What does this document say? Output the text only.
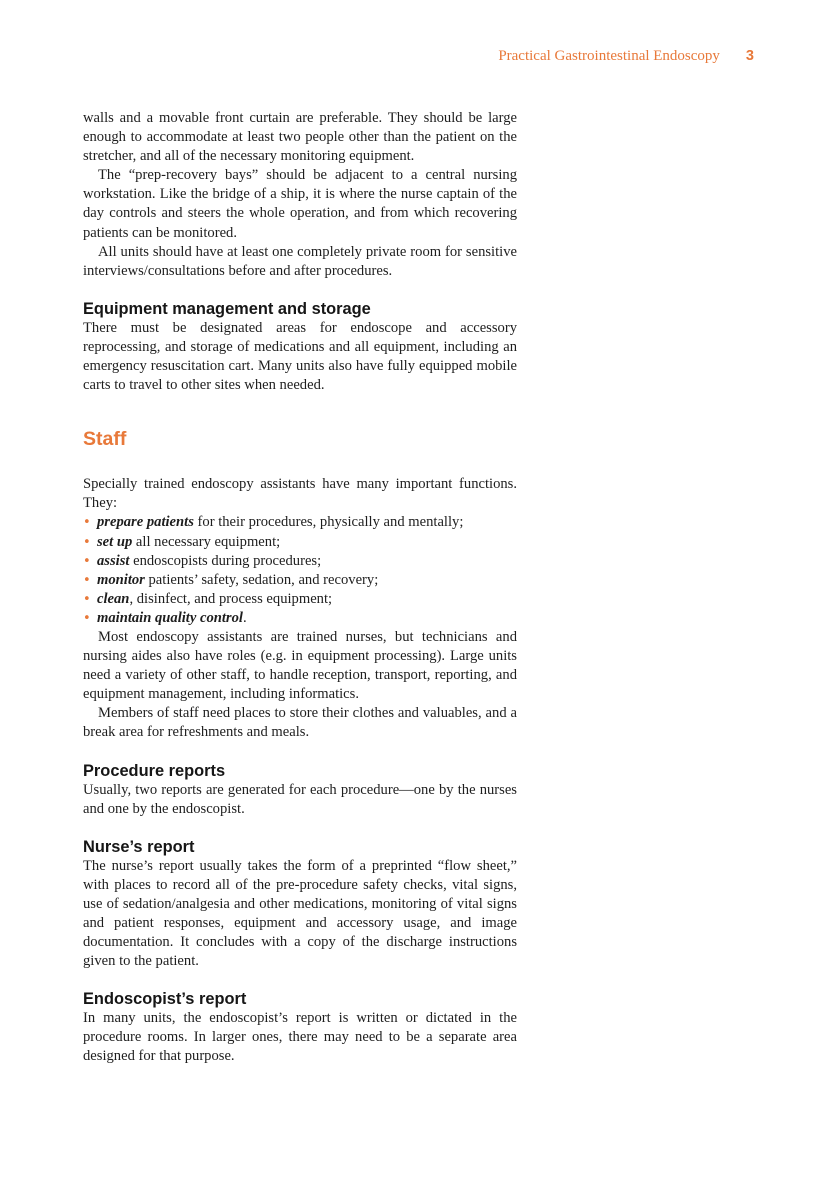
Practical Gastrointestinal Endoscopy 3

walls and a movable front curtain are preferable. They should be large enough to accommodate at least two people other than the patient on the stretcher, and all of the necessary monitoring equipment.

The “prep-recovery bays” should be adjacent to a central nursing workstation. Like the bridge of a ship, it is where the nurse captain of the day controls and steers the whole operation, and from which recovering patients can be monitored.

All units should have at least one completely private room for sensitive interviews/consultations before and after procedures.

Equipment management and storage

There must be designated areas for endoscope and accessory reprocessing, and storage of medications and all equipment, including an emergency resuscitation cart. Many units also have fully equipped mobile carts to travel to other sites when needed.

Staff

Specially trained endoscopy assistants have many important functions. They:

• prepare patients for their procedures, physically and mentally;
• set up all necessary equipment;
• assist endoscopists during procedures;
• monitor patients’ safety, sedation, and recovery;
• clean, disinfect, and process equipment;
• maintain quality control.

Most endoscopy assistants are trained nurses, but technicians and nursing aides also have roles (e.g. in equipment processing). Large units need a variety of other staff, to handle reception, transport, reporting, and equipment management, including informatics.

Members of staff need places to store their clothes and valuables, and a break area for refreshments and meals.

Procedure reports

Usually, two reports are generated for each procedure—one by the nurses and one by the endoscopist.

Nurse’s report

The nurse’s report usually takes the form of a preprinted “flow sheet,” with places to record all of the pre-procedure safety checks, vital signs, use of sedation/analgesia and other medications, monitoring of vital signs and patient responses, equipment and accessory usage, and image documentation. It concludes with a copy of the discharge instructions given to the patient.

Endoscopist’s report

In many units, the endoscopist’s report is written or dictated in the procedure rooms. In larger ones, there may need to be a separate area designed for that purpose.
